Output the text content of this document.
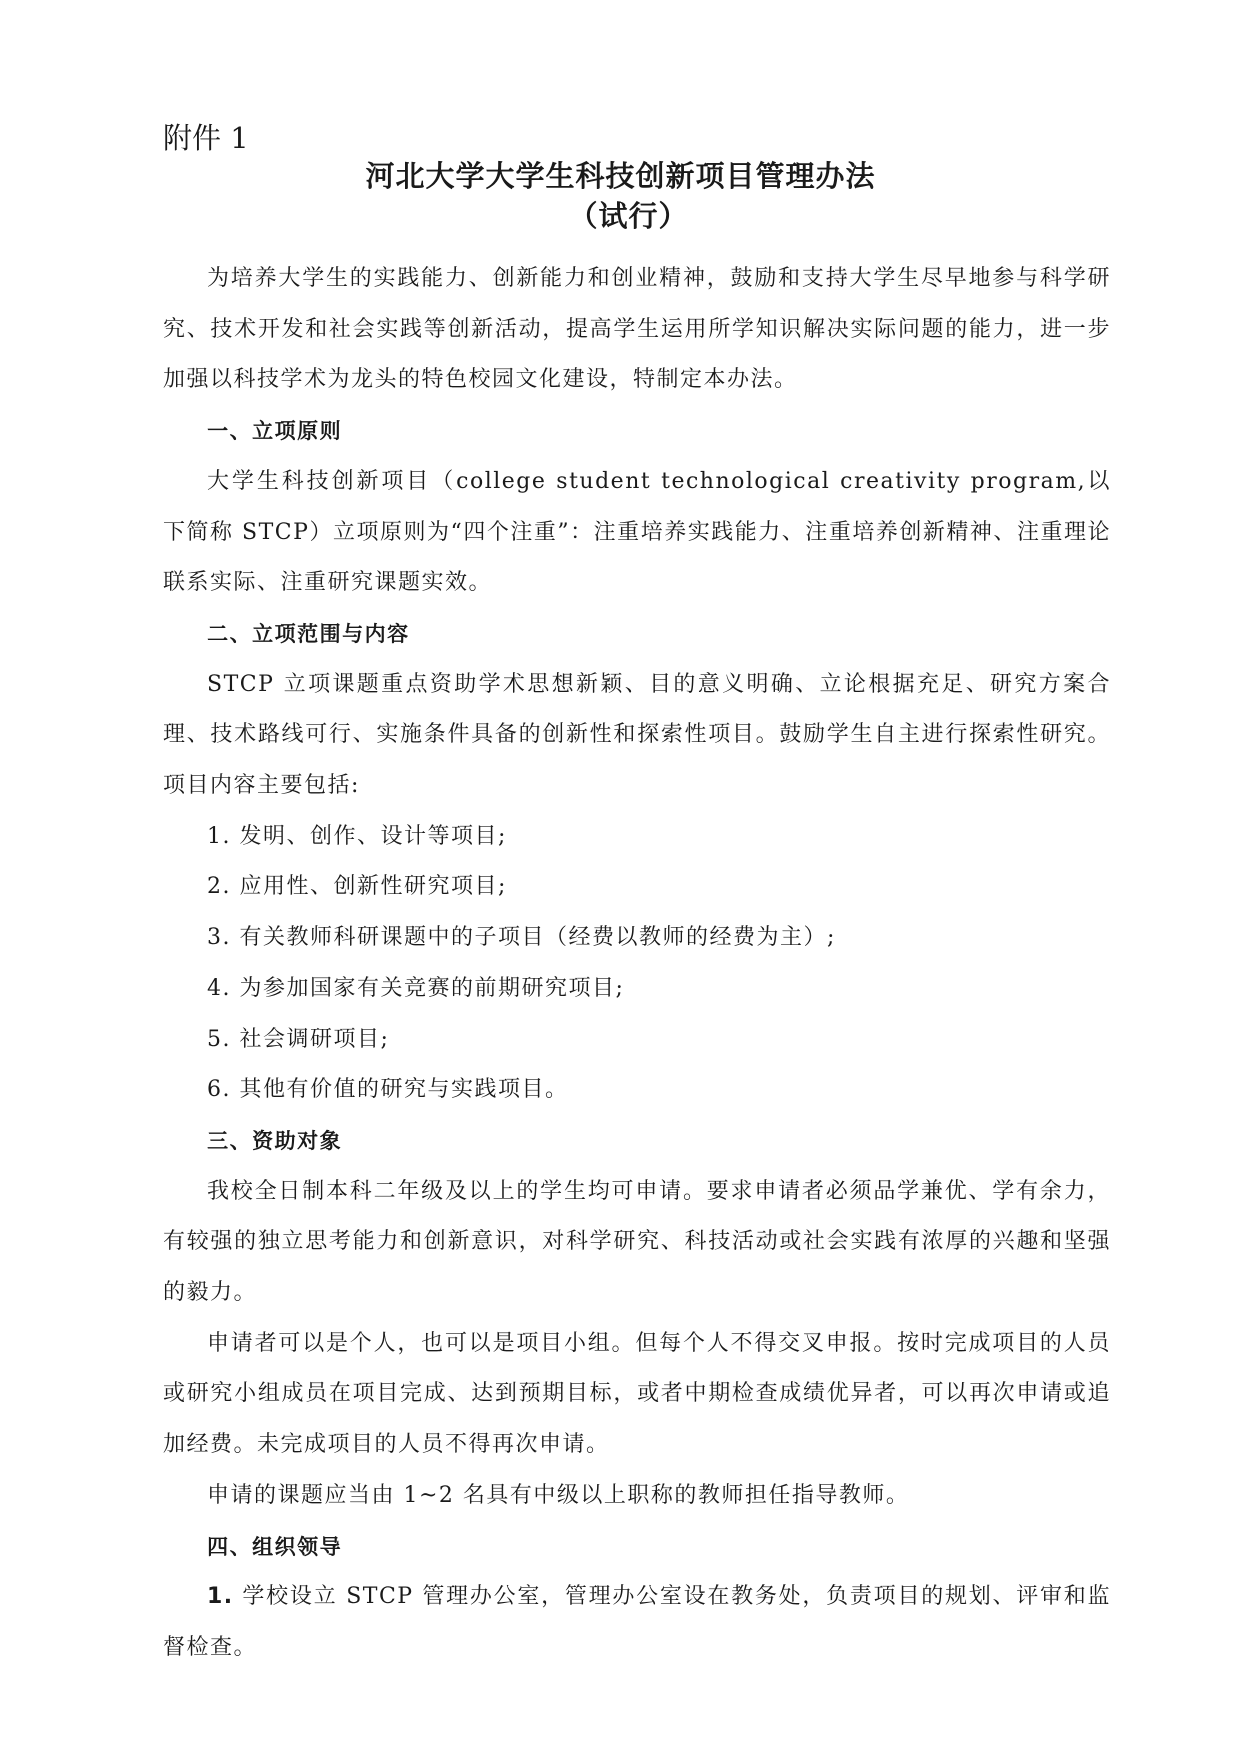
附件 1
河北大学大学生科技创新项目管理办法
（试行）

为培养大学生的实践能力、创新能力和创业精神，鼓励和支持大学生尽早地参与科学研究、技术开发和社会实践等创新活动，提高学生运用所学知识解决实际问题的能力，进一步加强以科技学术为龙头的特色校园文化建设，特制定本办法。

一、立项原则

大学生科技创新项目（college student technological creativity program,以下简称 STCP）立项原则为“四个注重”：注重培养实践能力、注重培养创新精神、注重理论联系实际、注重研究课题实效。

二、立项范围与内容

STCP 立项课题重点资助学术思想新颖、目的意义明确、立论根据充足、研究方案合理、技术路线可行、实施条件具备的创新性和探索性项目。鼓励学生自主进行探索性研究。项目内容主要包括:

1. 发明、创作、设计等项目;

2. 应用性、创新性研究项目;

3. 有关教师科研课题中的子项目（经费以教师的经费为主）;

4. 为参加国家有关竞赛的前期研究项目;

5. 社会调研项目;

6. 其他有价值的研究与实践项目。

三、资助对象

我校全日制本科二年级及以上的学生均可申请。要求申请者必须品学兼优、学有余力，有较强的独立思考能力和创新意识，对科学研究、科技活动或社会实践有浓厚的兴趣和坚强的毅力。

申请者可以是个人，也可以是项目小组。但每个人不得交叉申报。按时完成项目的人员或研究小组成员在项目完成、达到预期目标，或者中期检查成绩优异者，可以再次申请或追加经费。未完成项目的人员不得再次申请。

申请的课题应当由 1~2 名具有中级以上职称的教师担任指导教师。

四、组织领导

1. 学校设立 STCP 管理办公室，管理办公室设在教务处，负责项目的规划、评审和监督检查。
